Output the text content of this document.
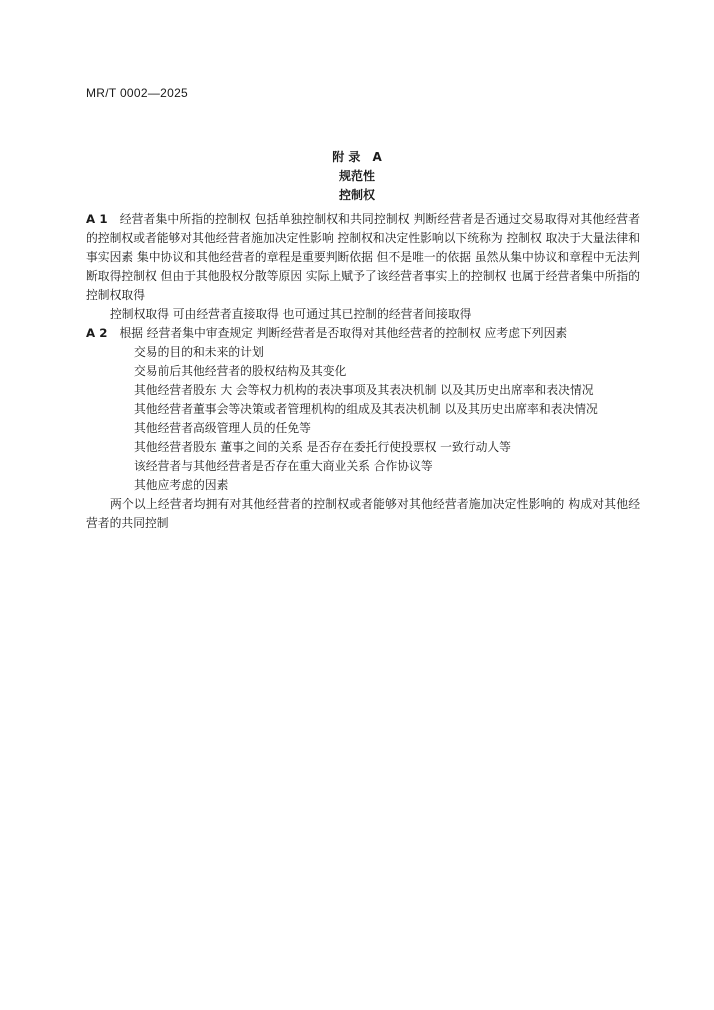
MR/T 0002—2025
附 录 A
规范性
控制权

A 1 经营者集中所指的控制权 包括单独控制权和共同控制权 判断经营者是否通过交易取得对其他经营者的控制权或者能够对其他经营者施加决定性影响 控制权和决定性影响以下统称为 控制权 取决于大量法律和事实因素 集中协议和其他经营者的章程是重要判断依据 但不是唯一的依据 虽然从集中协议和章程中无法判断取得控制权 但由于其他股权分散等原因 实际上赋予了该经营者事实上的控制权 也属于经营者集中所指的控制权取得

控制权取得 可由经营者直接取得 也可通过其已控制的经营者间接取得

A 2 根据 经营者集中审查规定 判断经营者是否取得对其他经营者的控制权 应考虑下列因素

交易的目的和未来的计划
交易前后其他经营者的股权结构及其变化
其他经营者股东 大 会等权力机构的表决事项及其表决机制 以及其历史出席率和表决情况
其他经营者董事会等决策或者管理机构的组成及其表决机制 以及其历史出席率和表决情况
其他经营者高级管理人员的任免等
其他经营者股东 董事之间的关系 是否存在委托行使投票权 一致行动人等
该经营者与其他经营者是否存在重大商业关系 合作协议等
其他应考虑的因素

两个以上经营者均拥有对其他经营者的控制权或者能够对其他经营者施加决定性影响的 构成对其他经营者的共同控制
